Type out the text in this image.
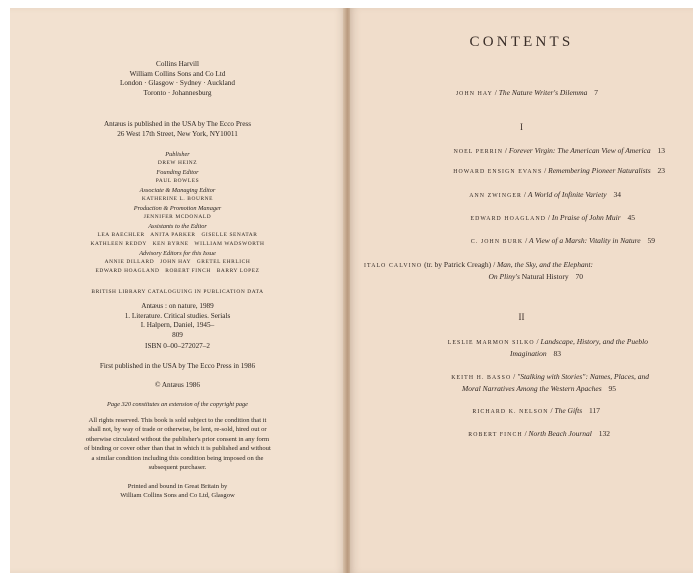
Collins Harvill
William Collins Sons and Co Ltd
London · Glasgow · Sydney · Auckland
Toronto · Johannesburg
Antæus is published in the USA by The Ecco Press
26 West 17th Street, New York, NY10011
Publisher
DREW HEINZ
Founding Editor
PAUL BOWLES
Associate & Managing Editor
KATHERINE L. BOURNE
Production & Promotion Manager
JENNIFER MCDONALD
Assistants to the Editor
LEA BAECHLER   ANITA PARKER   GISELLE SENATAR
KATHLEEN REDDY   KEN BYRNE   WILLIAM WADSWORTH
Advisory Editors for this Issue
ANNIE DILLARD   JOHN HAY   GRETEL EHRLICH
EDWARD HOAGLAND   ROBERT FINCH   BARRY LOPEZ
BRITISH LIBRARY CATALOGUING IN PUBLICATION DATA
Antæus : on nature, 1989
1. Literature. Critical studies. Serials
I. Halpern, Daniel, 1945–
809
ISBN 0–00–272027–2
First published in the USA by The Ecco Press in 1986
© Antæus 1986
Page 320 constitutes an extension of the copyright page
All rights reserved. This book is sold subject to the condition that it
shall not, by way of trade or otherwise, be lent, re-sold, hired out or
otherwise circulated without the publisher's prior consent in any form
of binding or cover other than that in which it is published and without
a similar condition including this condition being imposed on the
subsequent purchaser.
Printed and bound in Great Britain by
William Collins Sons and Co Ltd, Glasgow
CONTENTS
JOHN HAY / The Nature Writer's Dilemma 7
I
NOEL PERRIN / Forever Virgin: The American View of America 13
HOWARD ENSIGN EVANS / Remembering Pioneer Naturalists 23
ANN ZWINGER / A World of Infinite Variety 34
EDWARD HOAGLAND / In Praise of John Muir 45
C. JOHN BURK / A View of a Marsh: Vitality in Nature 59
ITALO CALVINO (tr. by Patrick Creagh) / Man, the Sky, and the Elephant:
On Pliny's Natural History 70
II
LESLIE MARMON SILKO / Landscape, History, and the Pueblo
Imagination 83
KEITH H. BASSO / "Stalking with Stories": Names, Places, and
Moral Narratives Among the Western Apaches 95
RICHARD K. NELSON / The Gifts 117
ROBERT FINCH / North Beach Journal 132
